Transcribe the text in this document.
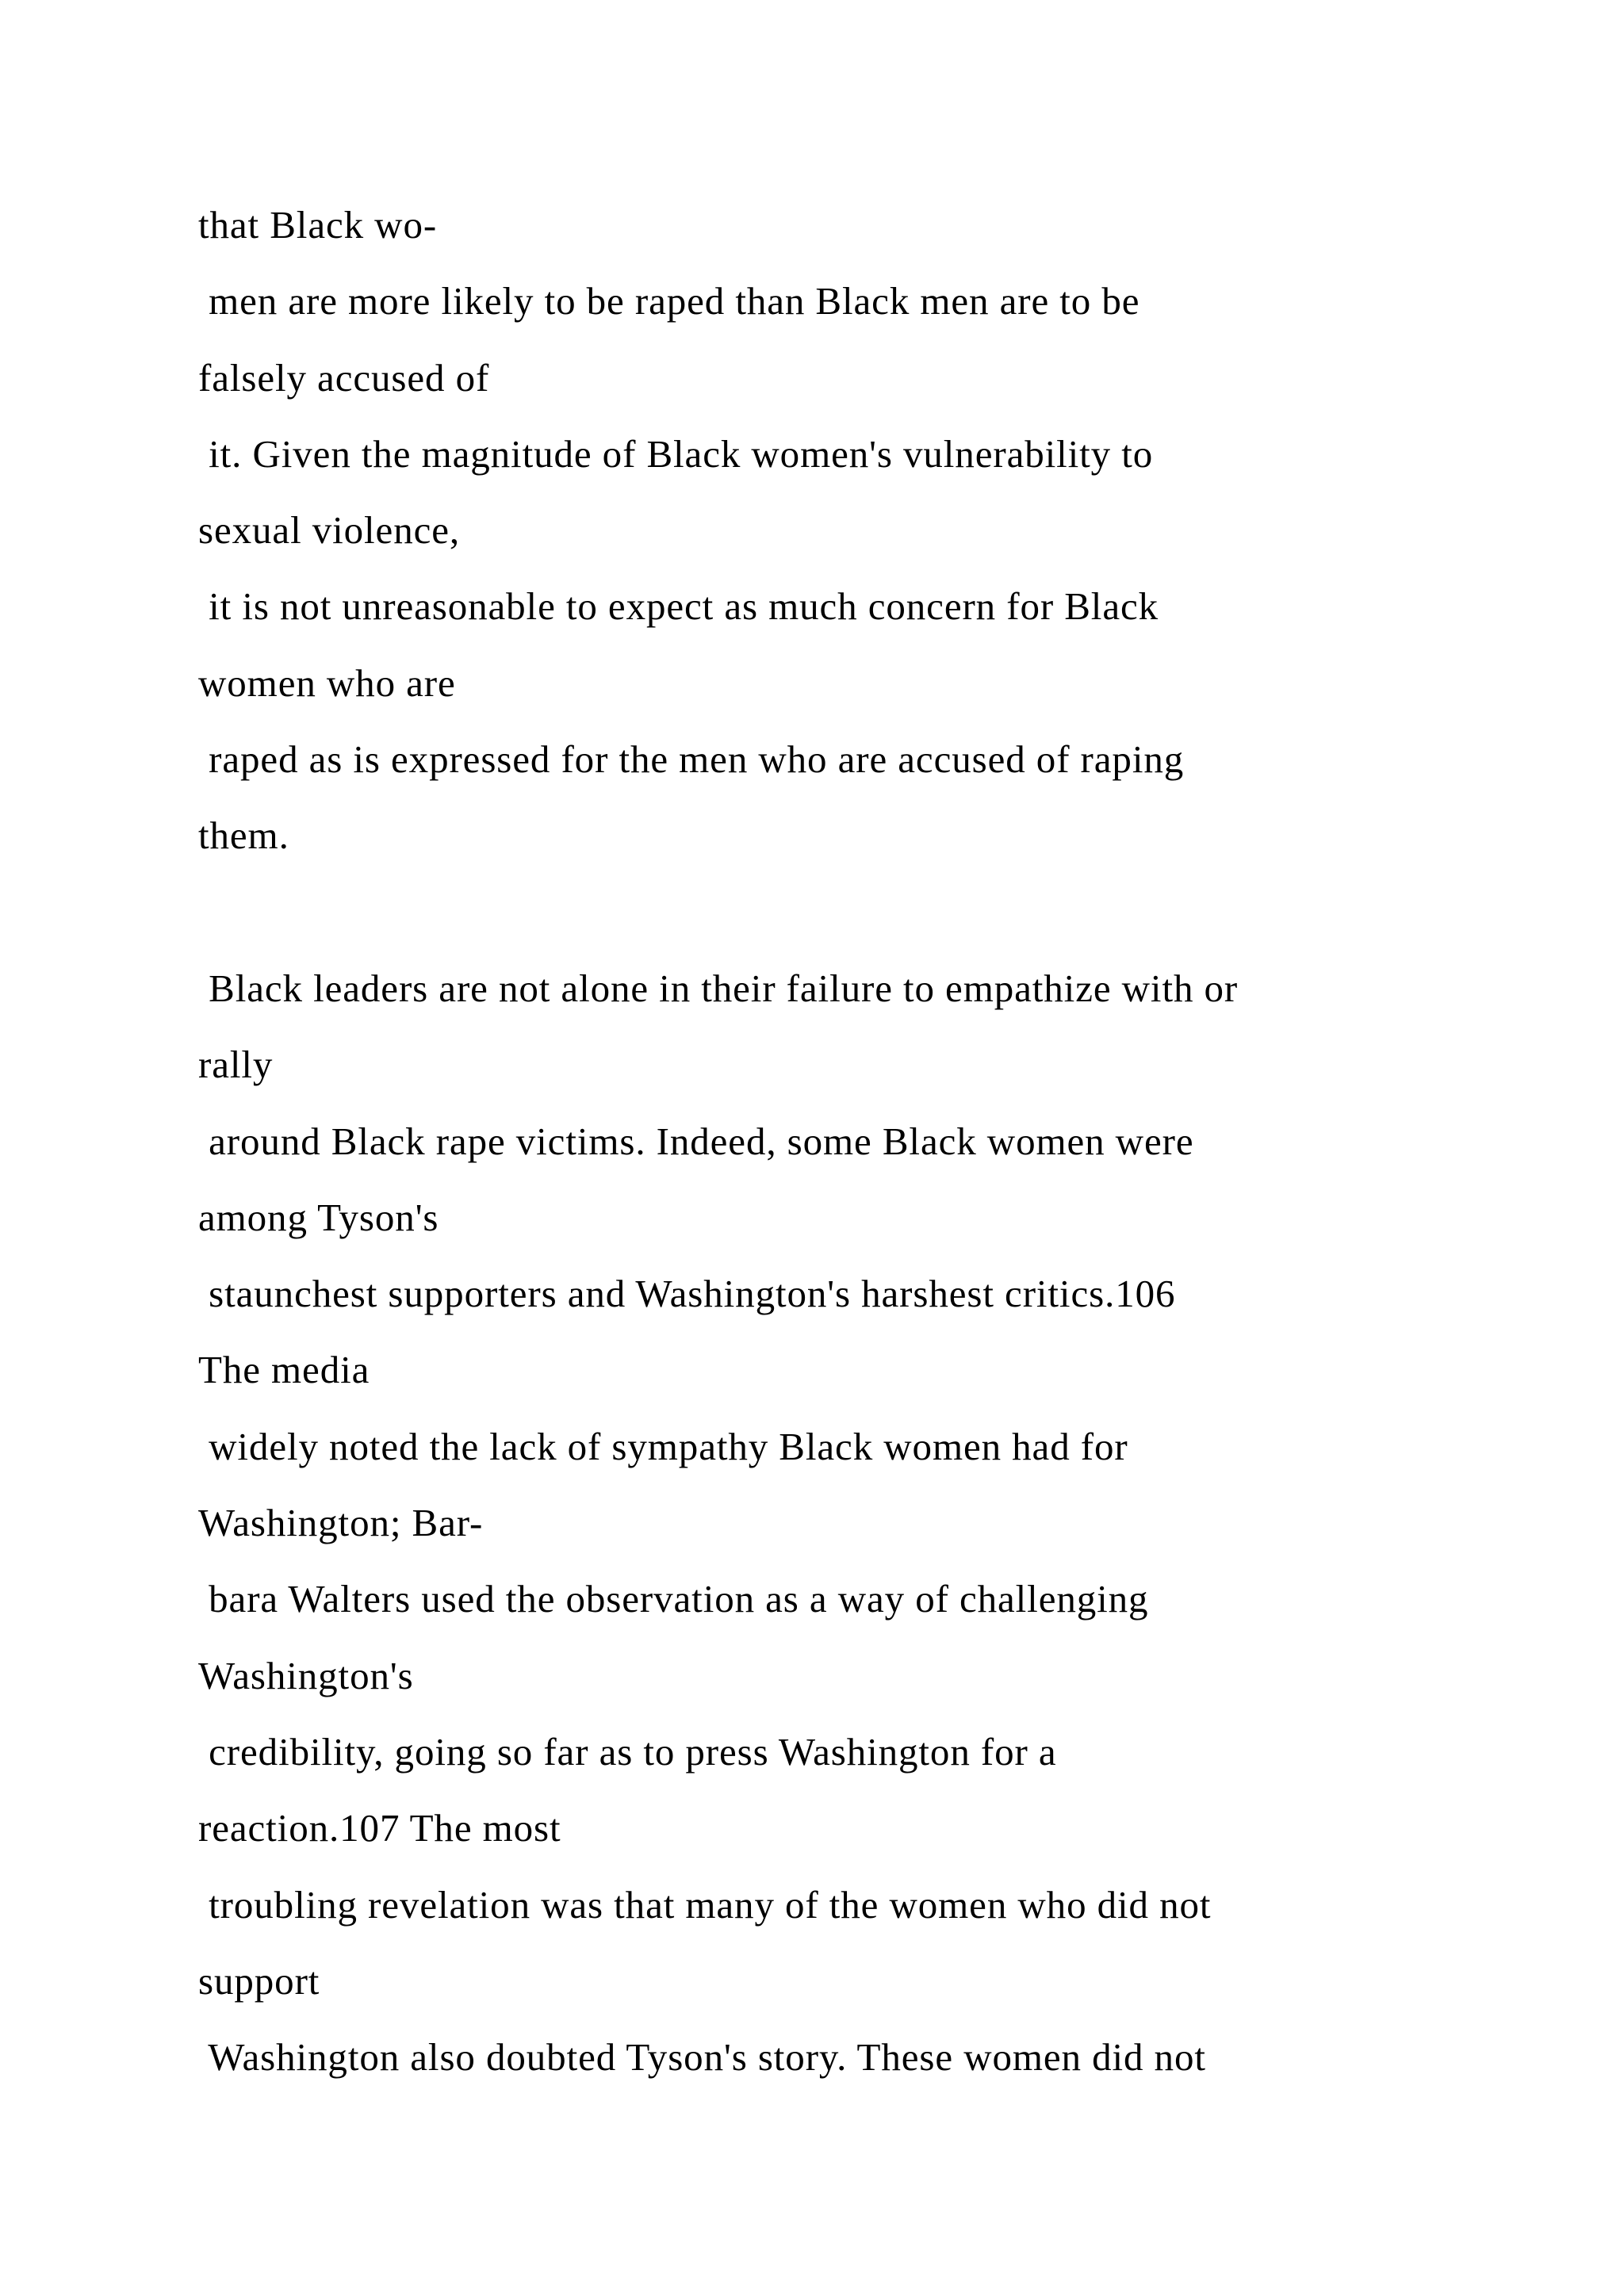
that Black wo-
men are more likely to be raped than Black men are to be
falsely accused of
it. Given the magnitude of Black women's vulnerability to
sexual violence,
it is not unreasonable to expect as much concern for Black
women who are
raped as is expressed for the men who are accused of raping
them.
Black leaders are not alone in their failure to empathize with or
rally
around Black rape victims. Indeed, some Black women were
among Tyson's
staunchest supporters and Washington's harshest critics.106
The media
widely noted the lack of sympathy Black women had for
Washington; Bar-
bara Walters used the observation as a way of challenging
Washington's
credibility, going so far as to press Washington for a
reaction.107 The most
troubling revelation was that many of the women who did not
support
Washington also doubted Tyson's story. These women did not
